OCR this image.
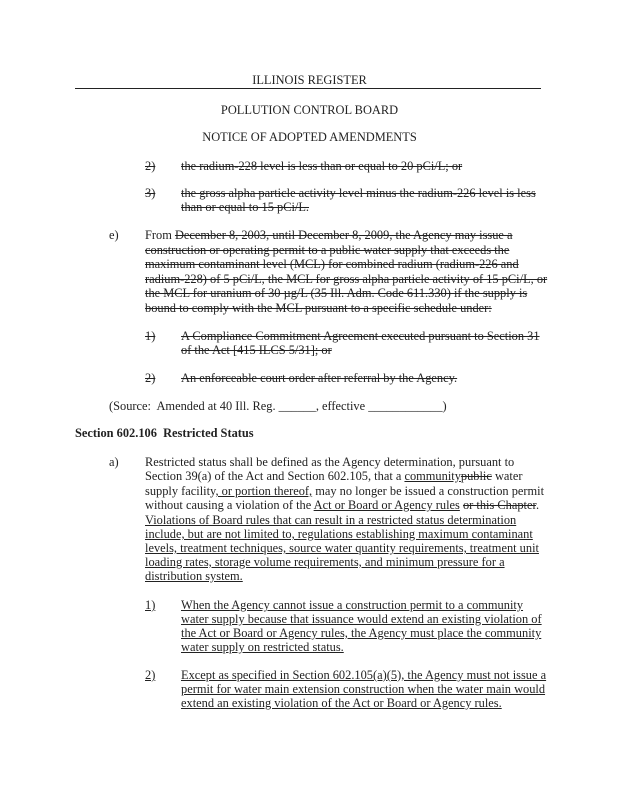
ILLINOIS REGISTER
POLLUTION CONTROL BOARD
NOTICE OF ADOPTED AMENDMENTS
2) the radium-228 level is less than or equal to 20 pCi/L; or
3) the gross alpha particle activity level minus the radium-226 level is less
than or equal to 15 pCi/L.
e) From December 8, 2003, until December 8, 2009, the Agency may issue a
construction or operating permit to a public water supply that exceeds the
maximum contaminant level (MCL) for combined radium (radium-226 and
radium-228) of 5 pCi/L, the MCL for gross alpha particle activity of 15 pCi/L, or
the MCL for uranium of 30 µg/L (35 Ill. Adm. Code 611.330) if the supply is
bound to comply with the MCL pursuant to a specific schedule under:
1) A Compliance Commitment Agreement executed pursuant to Section 31
of the Act [415 ILCS 5/31]; or
2) An enforceable court order after referral by the Agency.
(Source:  Amended at 40 Ill. Reg. ______, effective ____________)
Section 602.106  Restricted Status
a) Restricted status shall be defined as the Agency determination, pursuant to
Section 39(a) of the Act and Section 602.105, that a communitypublic water
supply facility, or portion thereof, may no longer be issued a construction permit
without causing a violation of the Act or Board or Agency rules or this Chapter.
Violations of Board rules that can result in a restricted status determination
include, but are not limited to, regulations establishing maximum contaminant
levels, treatment techniques, source water quantity requirements, treatment unit
loading rates, storage volume requirements, and minimum pressure for a
distribution system.
1) When the Agency cannot issue a construction permit to a community
water supply because that issuance would extend an existing violation of
the Act or Board or Agency rules, the Agency must place the community
water supply on restricted status.
2) Except as specified in Section 602.105(a)(5), the Agency must not issue a
permit for water main extension construction when the water main would
extend an existing violation of the Act or Board or Agency rules.
